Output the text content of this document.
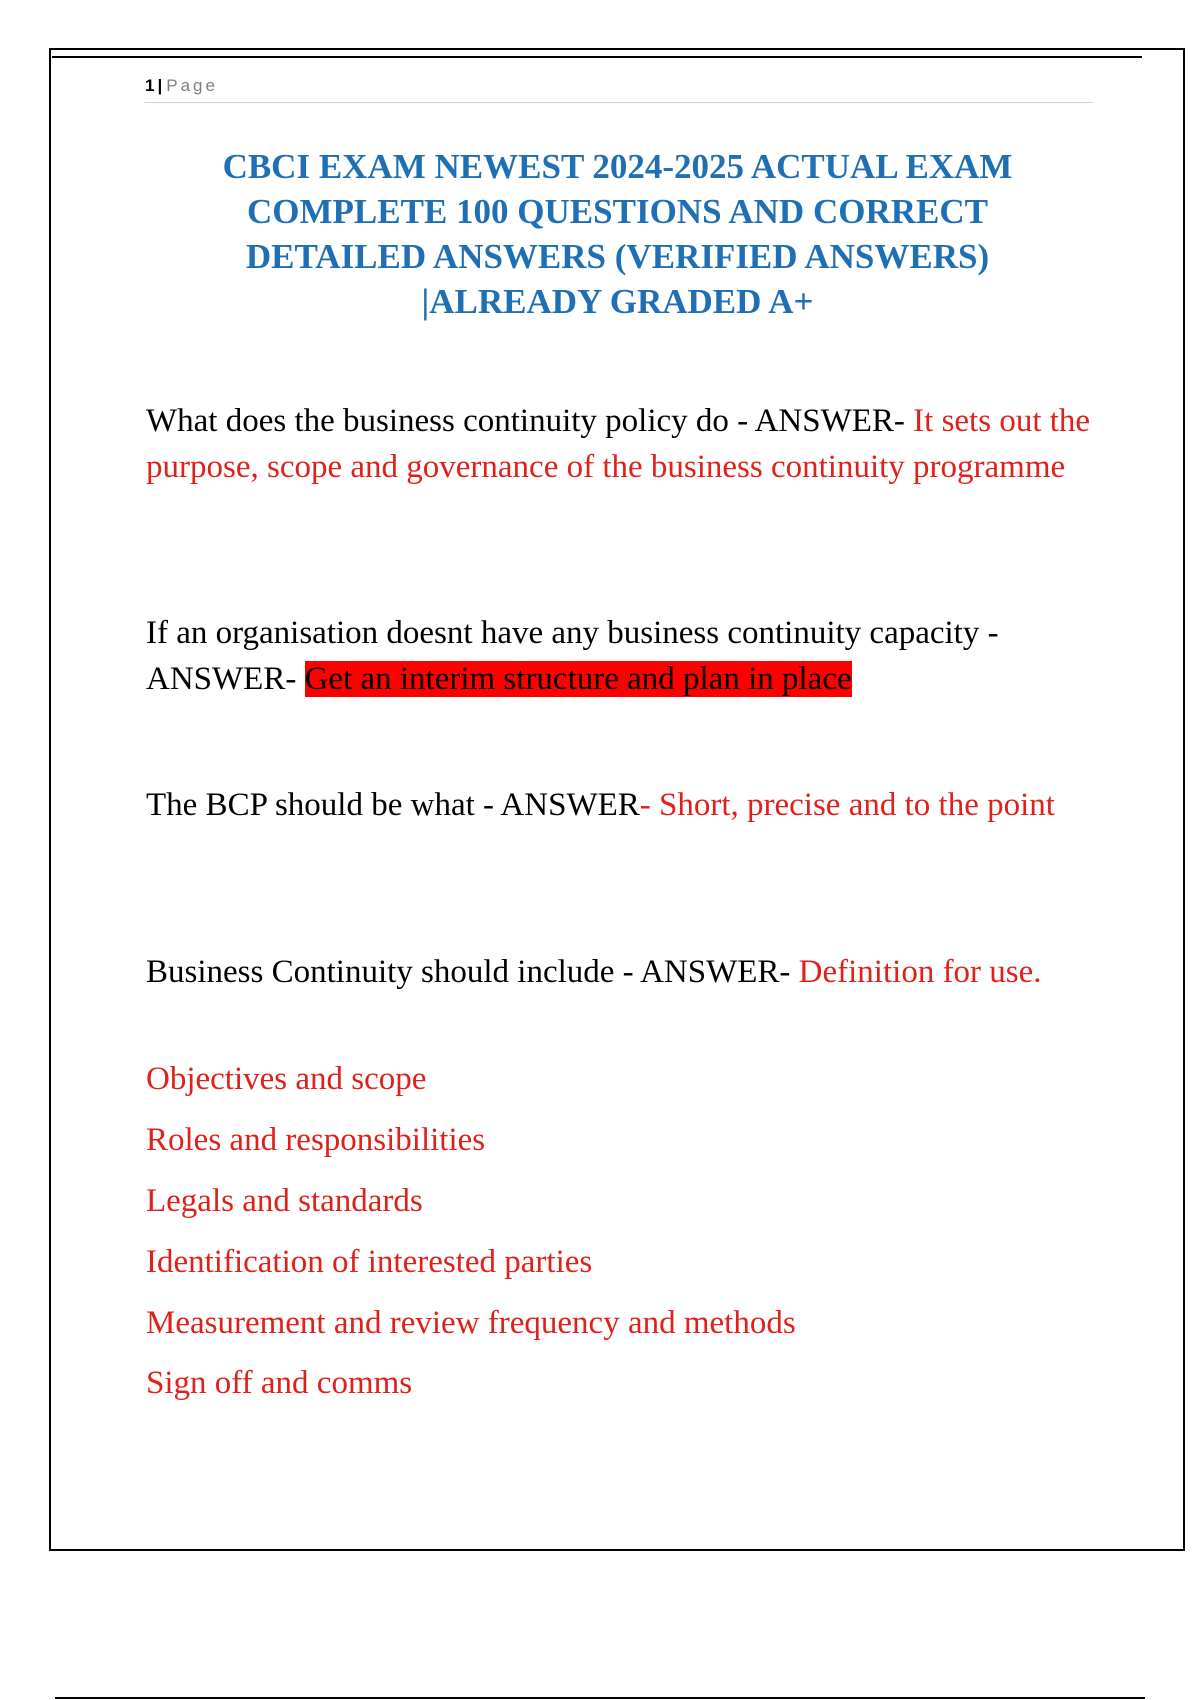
1 | Page
CBCI EXAM NEWEST 2024-2025 ACTUAL EXAM
COMPLETE 100 QUESTIONS AND CORRECT
DETAILED ANSWERS (VERIFIED ANSWERS)
|ALREADY GRADED A+

What does the business continuity policy do - ANSWER- It sets out the purpose, scope and governance of the business continuity programme

If an organisation doesnt have any business continuity capacity - ANSWER- Get an interim structure and plan in place

The BCP should be what - ANSWER- Short, precise and to the point

Business Continuity should include - ANSWER- Definition for use.

Objectives and scope

Roles and responsibilities

Legals and standards

Identification of interested parties

Measurement and review frequency and methods

Sign off and comms
